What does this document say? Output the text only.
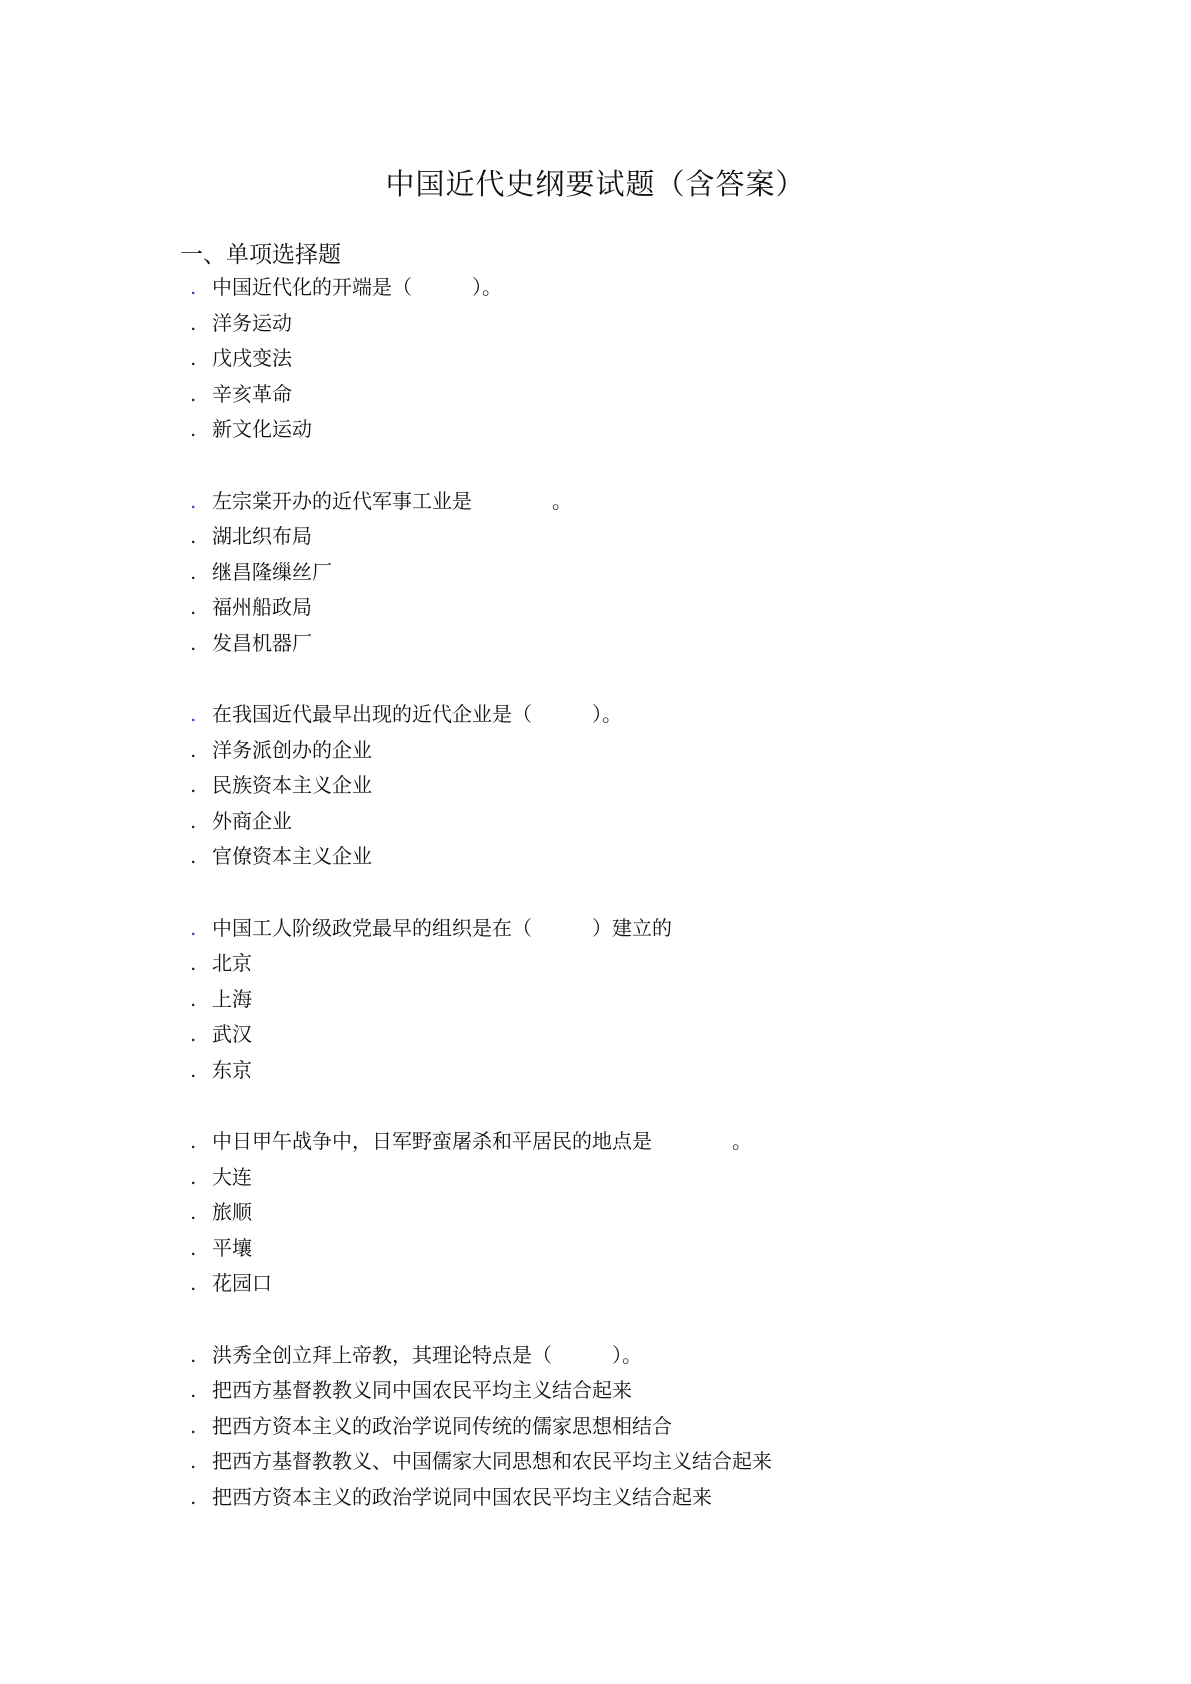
中国近代史纲要试题（含答案）
一、单项选择题
. 中国近代化的开端是（　　　）。
. 洋务运动
. 戊戌变法
. 辛亥革命
. 新文化运动
. 左宗棠开办的近代军事工业是　　　　。
. 湖北织布局
. 继昌隆缫丝厂
. 福州船政局
. 发昌机器厂
. 在我国近代最早出现的近代企业是（　　　）。
. 洋务派创办的企业
. 民族资本主义企业
. 外商企业
. 官僚资本主义企业
. 中国工人阶级政党最早的组织是在（　　　）建立的
. 北京
. 上海
. 武汉
. 东京
. 中日甲午战争中，日军野蛮屠杀和平居民的地点是　　　　。
. 大连
. 旅顺
. 平壤
. 花园口
. 洪秀全创立拜上帝教，其理论特点是（　　　）。
. 把西方基督教教义同中国农民平均主义结合起来
. 把西方资本主义的政治学说同传统的儒家思想相结合
. 把西方基督教教义、中国儒家大同思想和农民平均主义结合起来
. 把西方资本主义的政治学说同中国农民平均主义结合起来
